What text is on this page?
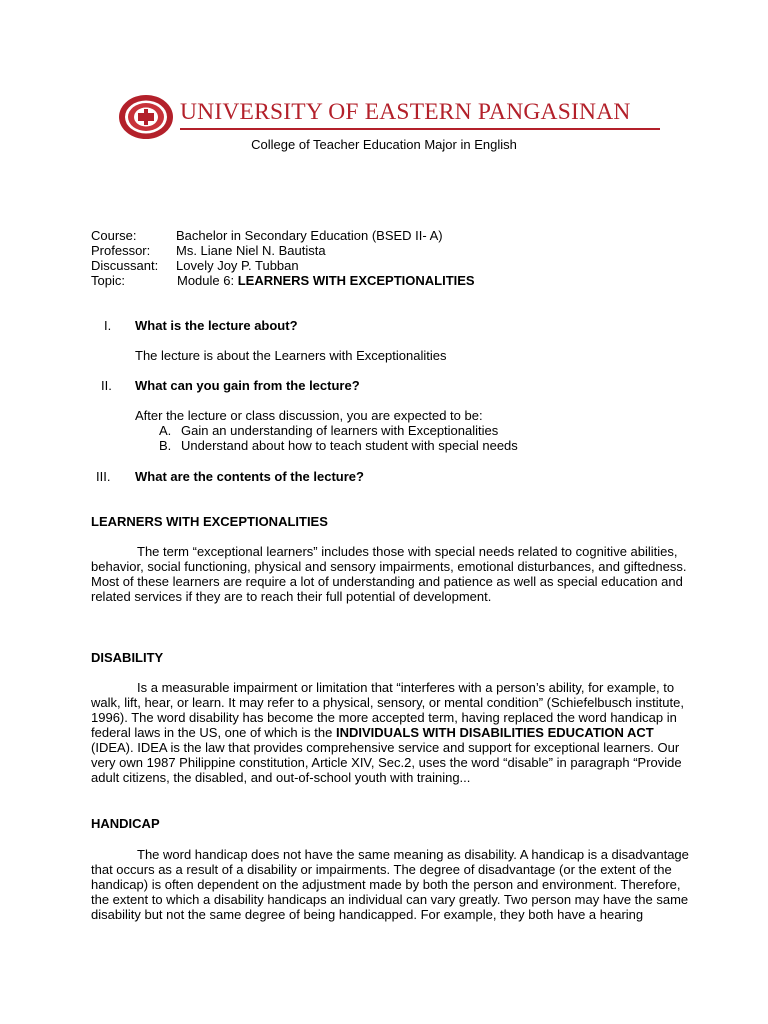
UNIVERSITY OF EASTERN PANGASINAN
College of Teacher Education Major in English
Course:	Bachelor in Secondary Education (BSED II- A)
Professor: Ms. Liane Niel N. Bautista
Discussant: Lovely Joy P. Tubban
Topic:	Module 6: LEARNERS WITH EXCEPTIONALITIES
I. What is the lecture about?
The lecture is about the Learners with Exceptionalities
II. What can you gain from the lecture?
After the lecture or class discussion, you are expected to be:
A. Gain an understanding of learners with Exceptionalities
B. Understand about how to teach student with special needs
III. What are the contents of the lecture?
LEARNERS WITH EXCEPTIONALITIES
The term “exceptional learners” includes those with special needs related to cognitive abilities, behavior, social functioning, physical and sensory impairments, emotional disturbances, and giftedness. Most of these learners are require a lot of understanding and patience as well as special education and related services if they are to reach their full potential of development.
DISABILITY
Is a measurable impairment or limitation that “interferes with a person’s ability, for example, to walk, lift, hear, or learn. It may refer to a physical, sensory, or mental condition” (Schiefelbusch institute, 1996). The word disability has become the more accepted term, having replaced the word handicap in federal laws in the US, one of which is the INDIVIDUALS WITH DISABILITIES EDUCATION ACT (IDEA). IDEA is the law that provides comprehensive service and support for exceptional learners. Our very own 1987 Philippine constitution, Article XIV, Sec.2, uses the word “disable” in paragraph “Provide adult citizens, the disabled, and out-of-school youth with training...
HANDICAP
The word handicap does not have the same meaning as disability. A handicap is a disadvantage that occurs as a result of a disability or impairments. The degree of disadvantage (or the extent of the handicap) is often dependent on the adjustment made by both the person and environment. Therefore, the extent to which a disability handicaps an individual can vary greatly. Two person may have the same disability but not the same degree of being handicapped. For example, they both have a hearing
